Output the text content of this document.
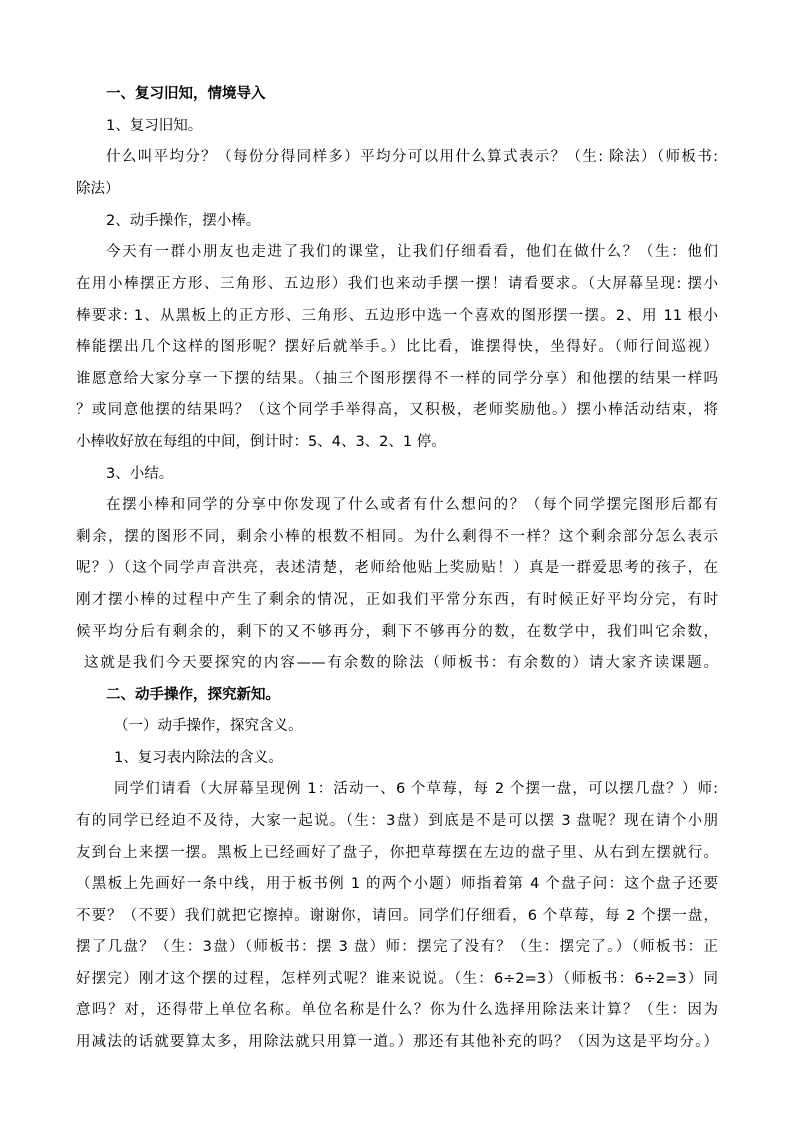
一、复习旧知，情境导入
1、复习旧知。
什么叫平均分？（每份分得同样多）平均分可以用什么算式表示？（生: 除法）（师板书:
除法）
2、动手操作，摆小棒。
今天有一群小朋友也走进了我们的课堂，让我们仔细看看，他们在做什么？（生：他们
在用小棒摆正方形、三角形、五边形）我们也来动手摆一摆！请看要求。（大屏幕呈现: 摆小
棒要求: 1、从黑板上的正方形、三角形、五边形中选一个喜欢的图形摆一摆。2、用 11 根小
棒能摆出几个这样的图形呢？摆好后就举手。）比比看，谁摆得快，坐得好。（师行间巡视）
谁愿意给大家分享一下摆的结果。（抽三个图形摆得不一样的同学分享）和他摆的结果一样吗
？或同意他摆的结果吗？（这个同学手举得高，又积极，老师奖励他。）摆小棒活动结束，将
小棒收好放在每组的中间，倒计时：5、4、3、2、1 停。
3、小结。
在摆小棒和同学的分享中你发现了什么或者有什么想问的？（每个同学摆完图形后都有
剩余，摆的图形不同，剩余小棒的根数不相同。为什么剩得不一样？这个剩余部分怎么表示
呢？）（这个同学声音洪亮，表述清楚，老师给他贴上奖励贴！）真是一群爱思考的孩子，在
刚才摆小棒的过程中产生了剩余的情况，正如我们平常分东西，有时候正好平均分完，有时
候平均分后有剩余的，剩下的又不够再分，剩下不够再分的数，在数学中，我们叫它余数，
这就是我们今天要探究的内容——有余数的除法（师板书：有余数的）请大家齐读课题。
二、动手操作，探究新知。
（一）动手操作，探究含义。
1、复习表内除法的含义。
同学们请看（大屏幕呈现例 1：活动一、6 个草莓，每 2 个摆一盘，可以摆几盘？）师:
有的同学已经迫不及待，大家一起说。（生：3盘）到底是不是可以摆 3 盘呢？现在请个小朋
友到台上来摆一摆。黑板上已经画好了盘子，你把草莓摆在左边的盘子里、从右到左摆就行。
（黑板上先画好一条中线，用于板书例 1 的两个小题）师指着第 4 个盘子问：这个盘子还要
不要？（不要）我们就把它擦掉。谢谢你，请回。同学们仔细看，6 个草莓，每 2 个摆一盘，
摆了几盘？（生：3盘）（师板书：摆 3 盘）师：摆完了没有？（生：摆完了。）（师板书：正
好摆完）刚才这个摆的过程，怎样列式呢？谁来说说。（生：6÷2=3）（师板书：6÷2=3）同
意吗？对，还得带上单位名称。单位名称是什么？你为什么选择用除法来计算？（生：因为
用减法的话就要算太多，用除法就只用算一道。）那还有其他补充的吗？（因为这是平均分。）
